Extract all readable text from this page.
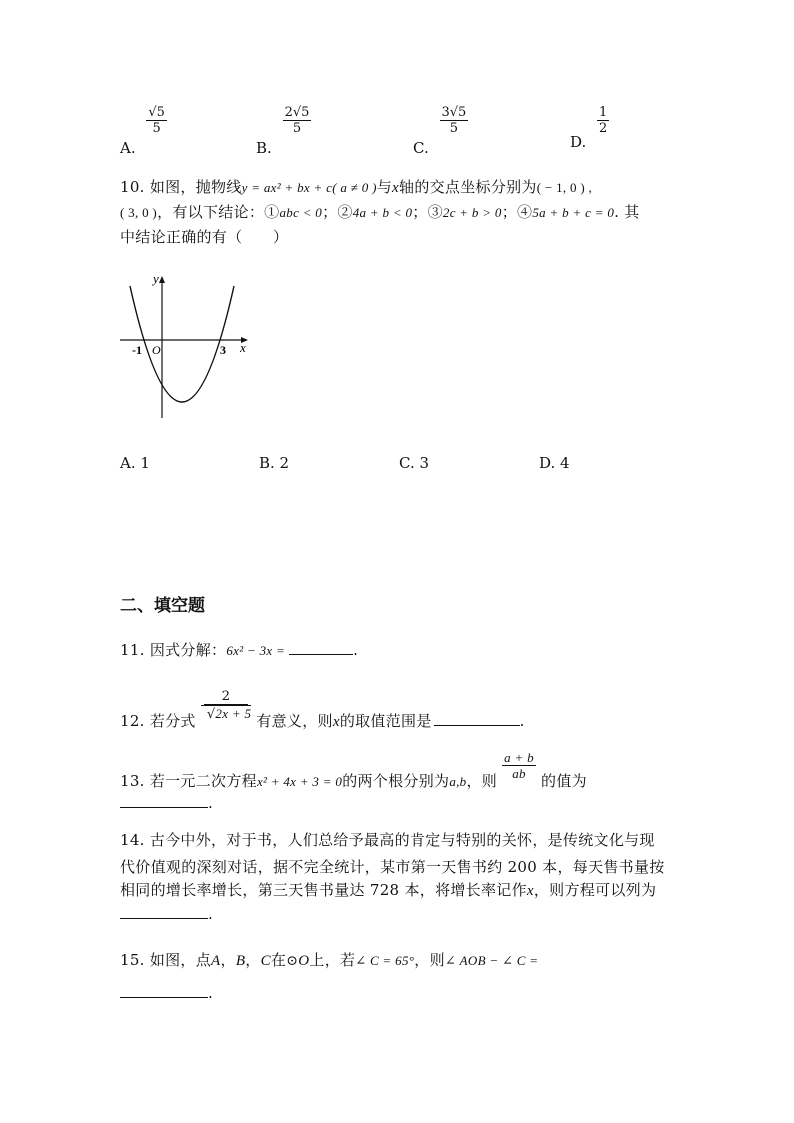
A.
$\frac{√5}{5}$
B.
$\frac{2√5}{5}$
C.
$\frac{3√5}{5}$
D.
$\frac{1}{2}$
10. 如图，抛物线y = ax² + bx + c( a ≠ 0 )与x轴的交点坐标分别为( − 1, 0 ) ,
( 3, 0 )，有以下结论：①abc < 0；②4a + b < 0；③2c + b > 0；④5a + b + c = 0. 其
中结论正确的有（　　）
y
x
O
-1	3
A. 1	B. 2	C. 3	D. 4
二、填空题
11. 因式分解：6x² − 3x =	.
12. 若分式 $\frac{2}{√2x + 5}$ 有意义，则x的取值范围是	.
13. 若一元二次方程x² + 4x + 3 = 0的两个根分别为a,b，则 $\frac{a + b}{ab}$ 的值为
.
14. 古今中外，对于书，人们总给予最高的肯定与特别的关怀，是传统文化与现
代价值观的深刻对话，据不完全统计，某市第一天售书约 200 本，每天售书量按
相同的增长率增长，第三天售书量达 728 本，将增长率记作x，则方程可以列为
.
15. 如图，点A，B，C在⊙O上，若∠ C = 65°，则∠ AOB − ∠ C =
.
